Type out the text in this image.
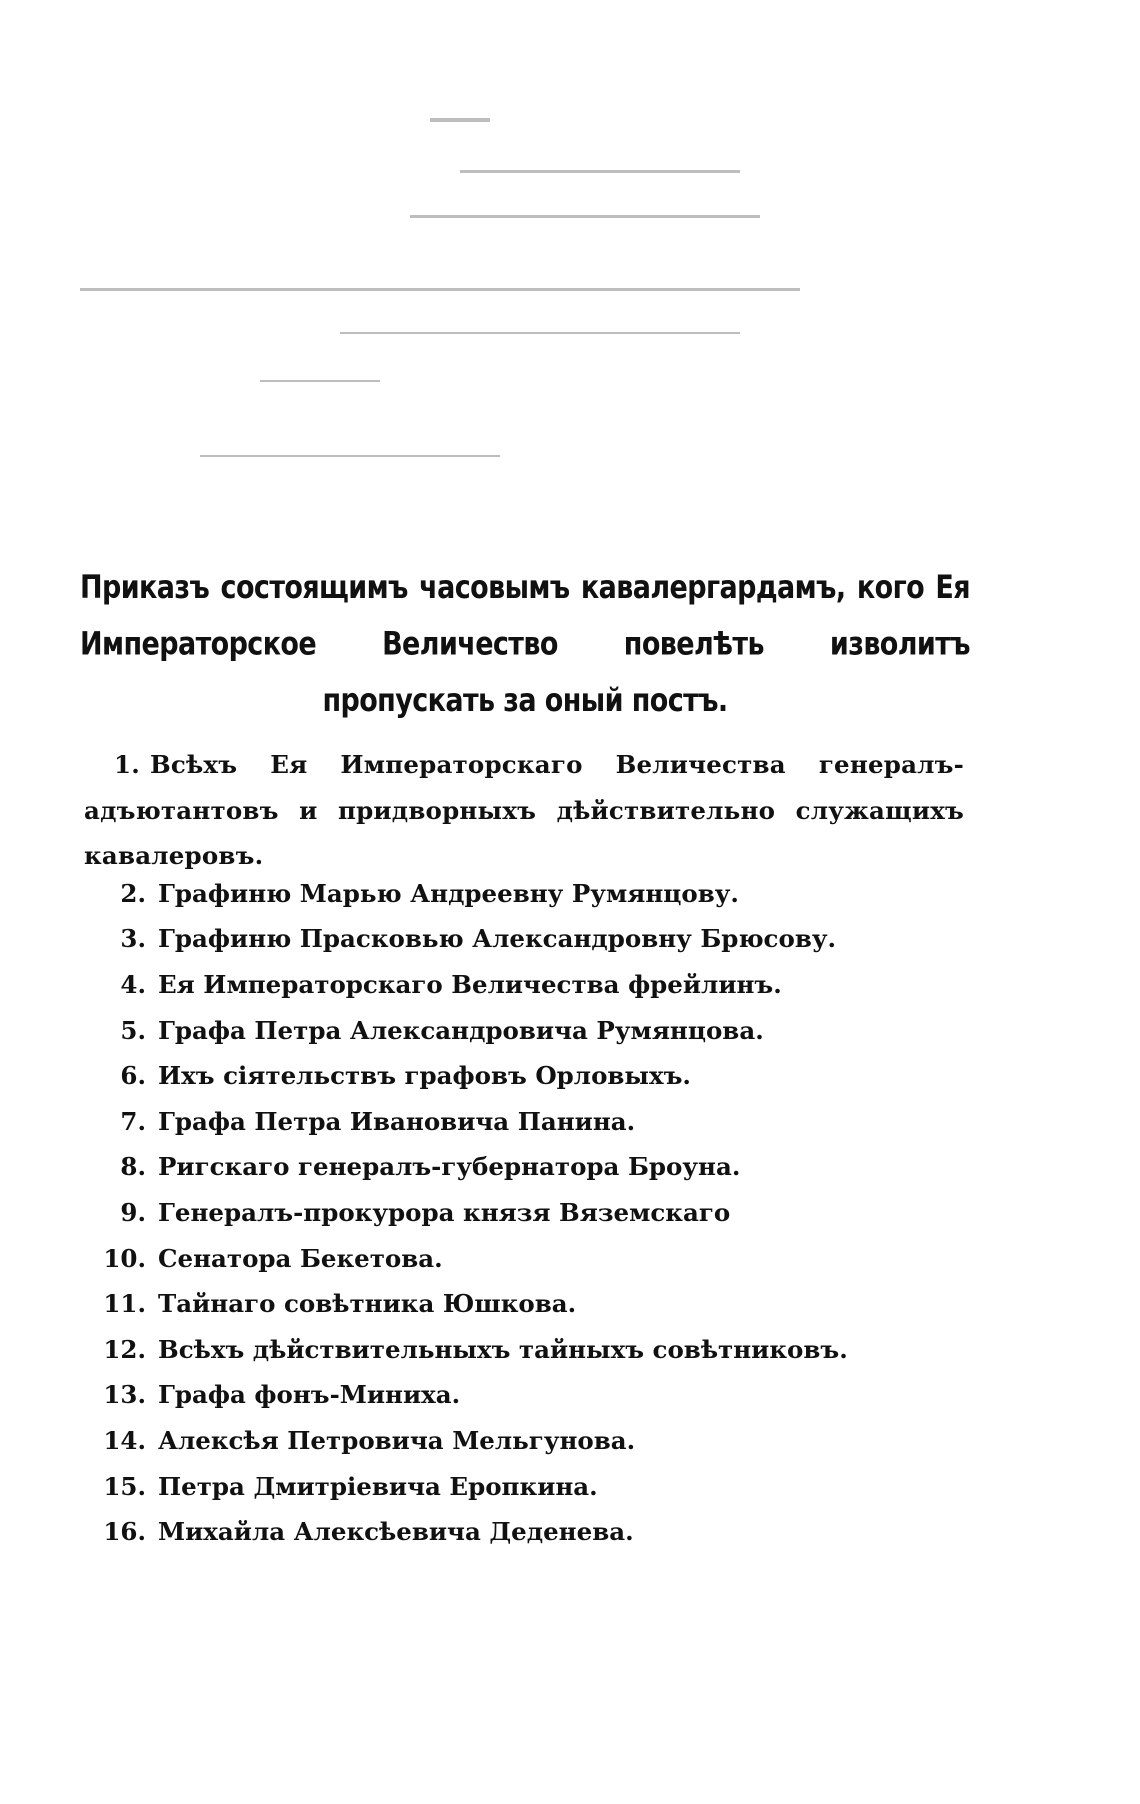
Приказъ состоящимъ часовымъ кавалергардамъ, кого Ея Императорское Величество повелѣть изволитъ пропускать за оный постъ.
1. Всѣхъ Ея Императорскаго Величества генералъ-адъютантовъ и придворныхъ дѣйствительно служащихъ кавалеровъ.
2. Графиню Марью Андреевну Румянцову.
3. Графиню Прасковью Александровну Брюсову.
4. Ея Императорскаго Величества фрейлинъ.
5. Графа Петра Александровича Румянцова.
6. Ихъ сіятельствъ графовъ Орловыхъ.
7. Графа Петра Ивановича Панина.
8. Ригскаго генералъ-губернатора Броуна.
9. Генералъ-прокурора князя Вяземскаго
10. Сенатора Бекетова.
11. Тайнаго совѣтника Юшкова.
12. Всѣхъ дѣйствительныхъ тайныхъ совѣтниковъ.
13. Графа фонъ-Миниха.
14. Алексѣя Петровича Мельгунова.
15. Петра Дмитріевича Еропкина.
16. Михайла Алексѣевича Деденева.
